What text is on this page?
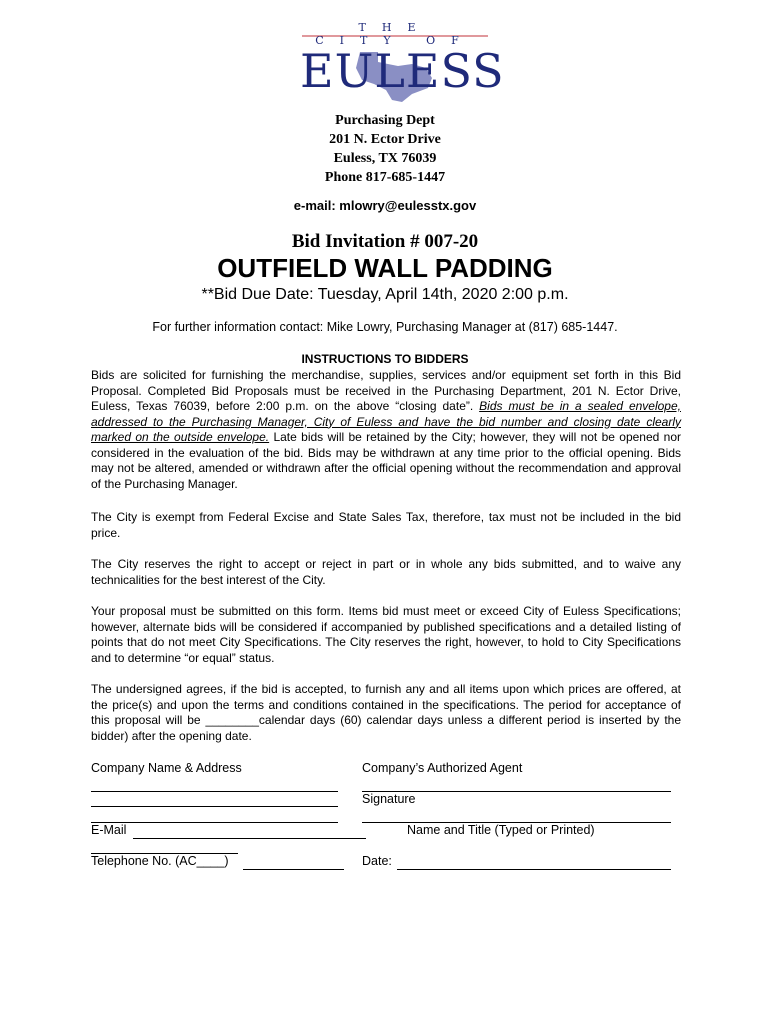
THE CITY OF
EULESS
Purchasing Dept
201 N. Ector Drive
Euless, TX 76039
Phone 817-685-1447
e-mail: mlowry@eulesstx.gov
Bid Invitation # 007-20
OUTFIELD WALL PADDING
**Bid Due Date: Tuesday, April 14th, 2020 2:00 p.m.
For further information contact: Mike Lowry, Purchasing Manager at (817) 685-1447.
INSTRUCTIONS TO BIDDERS

Bids are solicited for furnishing the merchandise, supplies, services and/or equipment set forth in this Bid Proposal. Completed Bid Proposals must be received in the Purchasing Department, 201 N. Ector Drive, Euless, Texas 76039, before 2:00 p.m. on the above “closing date”. Bids must be in a sealed envelope, addressed to the Purchasing Manager, City of Euless and have the bid number and closing date clearly marked on the outside envelope. Late bids will be retained by the City; however, they will not be opened nor considered in the evaluation of the bid. Bids may be withdrawn at any time prior to the official opening. Bids may not be altered, amended or withdrawn after the official opening without the recommendation and approval of the Purchasing Manager.

The City is exempt from Federal Excise and State Sales Tax, therefore, tax must not be included in the bid price.

The City reserves the right to accept or reject in part or in whole any bids submitted, and to waive any technicalities for the best interest of the City.

Your proposal must be submitted on this form. Items bid must meet or exceed City of Euless Specifications; however, alternate bids will be considered if accompanied by published specifications and a detailed listing of points that do not meet City Specifications. The City reserves the right, however, to hold to City Specifications and to determine “or equal” status.

The undersigned agrees, if the bid is accepted, to furnish any and all items upon which prices are offered, at the price(s) and upon the terms and conditions contained in the specifications. The period for acceptance of this proposal will be ________calendar days (60) calendar days unless a different period is inserted by the bidder) after the opening date.

Company Name & Address	Company’s Authorized Agent
Signature
E-Mail	Name and Title (Typed or Printed)
Telephone No. (AC____)	Date:
